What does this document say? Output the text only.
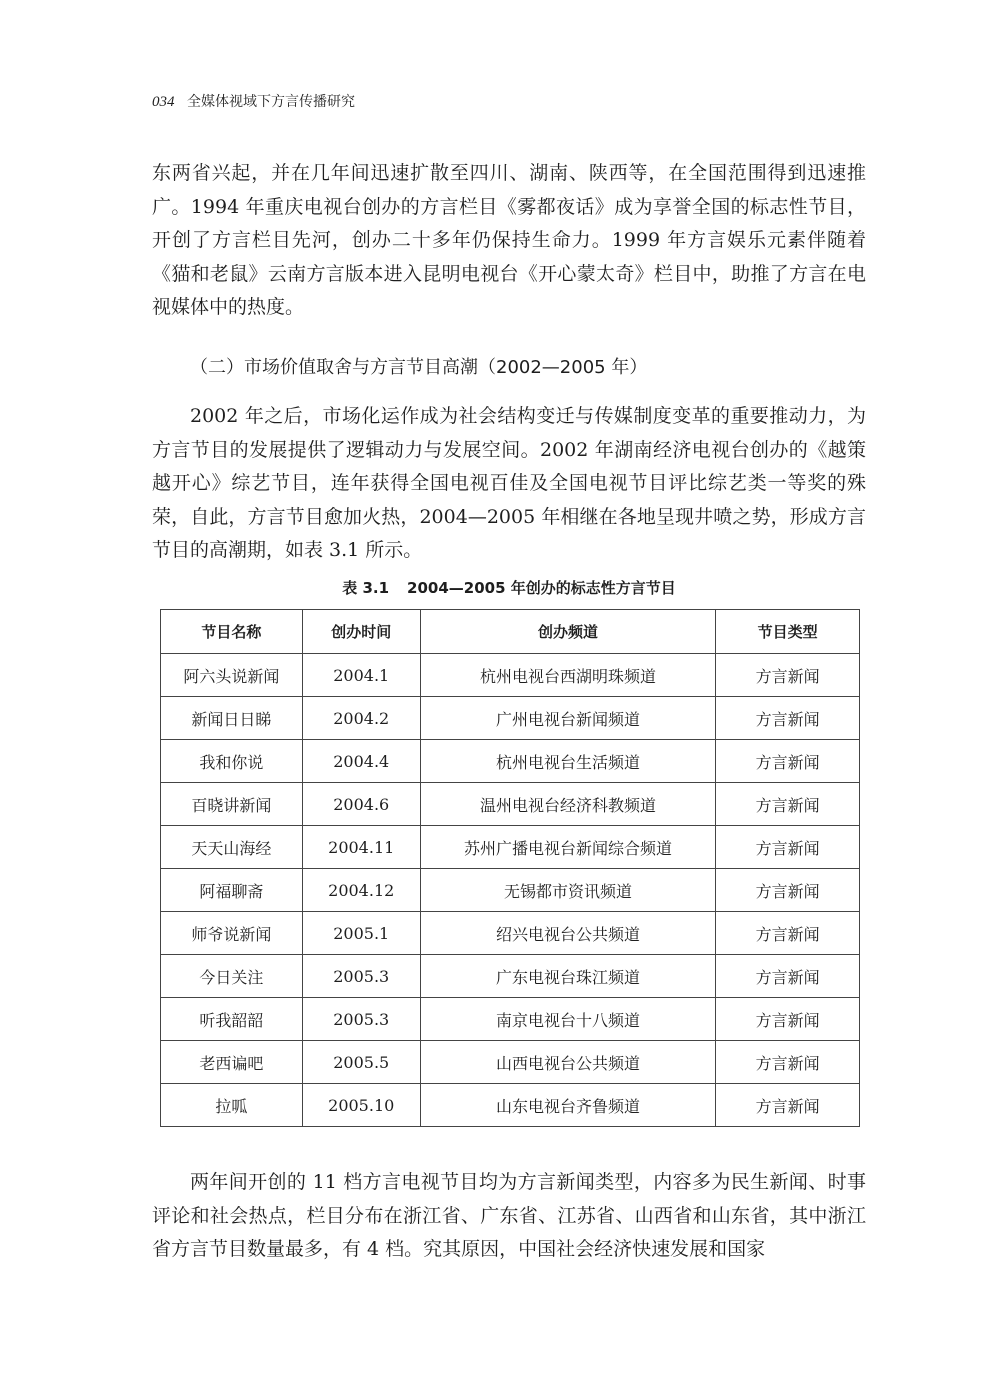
034 全媒体视域下方言传播研究

东两省兴起，并在几年间迅速扩散至四川、湖南、陕西等，在全国范围得到迅速推广。1994 年重庆电视台创办的方言栏目《雾都夜话》成为享誉全国的标志性节目，开创了方言栏目先河，创办二十多年仍保持生命力。1999 年方言娱乐元素伴随着《猫和老鼠》云南方言版本进入昆明电视台《开心蒙太奇》栏目中，助推了方言在电视媒体中的热度。

（二）市场价值取舍与方言节目高潮（2002—2005 年）

2002 年之后，市场化运作成为社会结构变迁与传媒制度变革的重要推动力，为方言节目的发展提供了逻辑动力与发展空间。2002 年湖南经济电视台创办的《越策越开心》综艺节目，连年获得全国电视百佳及全国电视节目评比综艺类一等奖的殊荣，自此，方言节目愈加火热，2004—2005 年相继在各地呈现井喷之势，形成方言节目的高潮期，如表 3.1 所示。

表 3.1 2004—2005 年创办的标志性方言节目
节目名称	创办时间	创办频道	节目类型
阿六头说新闻	2004.1	杭州电视台西湖明珠频道	方言新闻
新闻日日睇	2004.2	广州电视台新闻频道	方言新闻
我和你说	2004.4	杭州电视台生活频道	方言新闻
百晓讲新闻	2004.6	温州电视台经济科教频道	方言新闻
天天山海经	2004.11	苏州广播电视台新闻综合频道	方言新闻
阿福聊斋	2004.12	无锡都市资讯频道	方言新闻
师爷说新闻	2005.1	绍兴电视台公共频道	方言新闻
今日关注	2005.3	广东电视台珠江频道	方言新闻
听我韶韶	2005.3	南京电视台十八频道	方言新闻
老西谝吧	2005.5	山西电视台公共频道	方言新闻
拉呱	2005.10	山东电视台齐鲁频道	方言新闻

两年间开创的 11 档方言电视节目均为方言新闻类型，内容多为民生新闻、时事评论和社会热点，栏目分布在浙江省、广东省、江苏省、山西省和山东省，其中浙江省方言节目数量最多，有 4 档。究其原因，中国社会经济快速发展和国家
